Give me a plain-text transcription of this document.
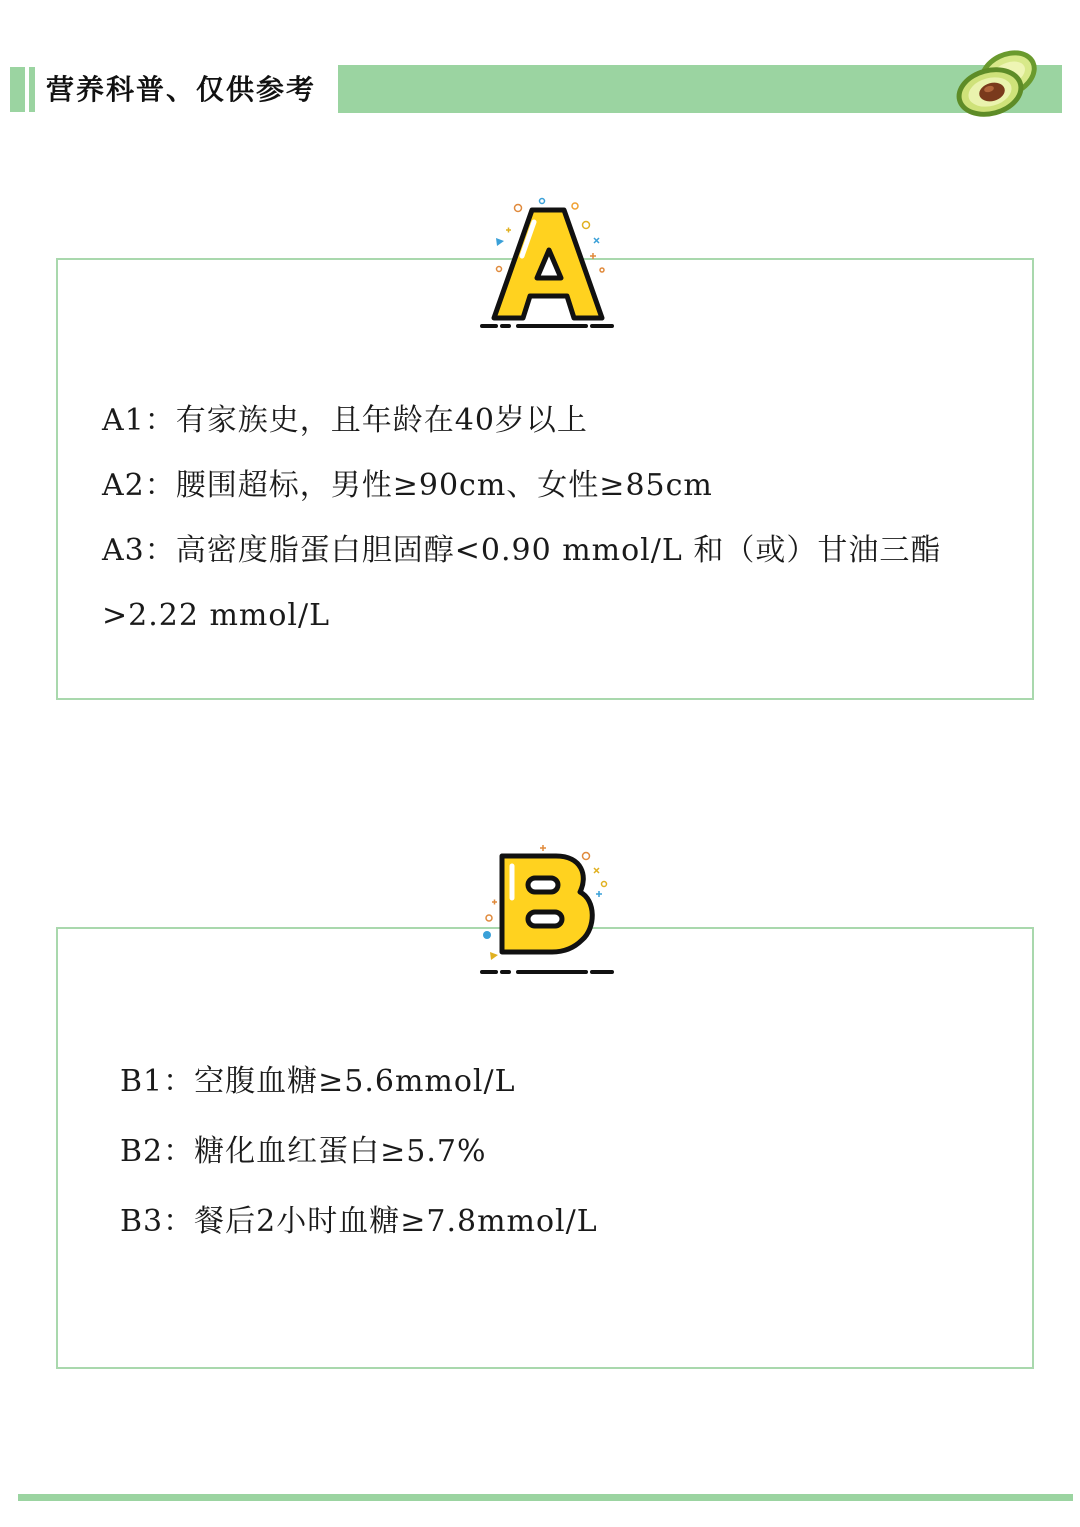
营养科普、仅供参考
A1：有家族史，且年龄在40岁以上
A2：腰围超标，男性≥90cm、女性≥85cm
A3：高密度脂蛋白胆固醇<0.90 mmol/L 和（或）甘油三酯>2.22 mmol/L
B1：空腹血糖≥5.6mmol/L
B2：糖化血红蛋白≥5.7%
B3：餐后2小时血糖≥7.8mmol/L
